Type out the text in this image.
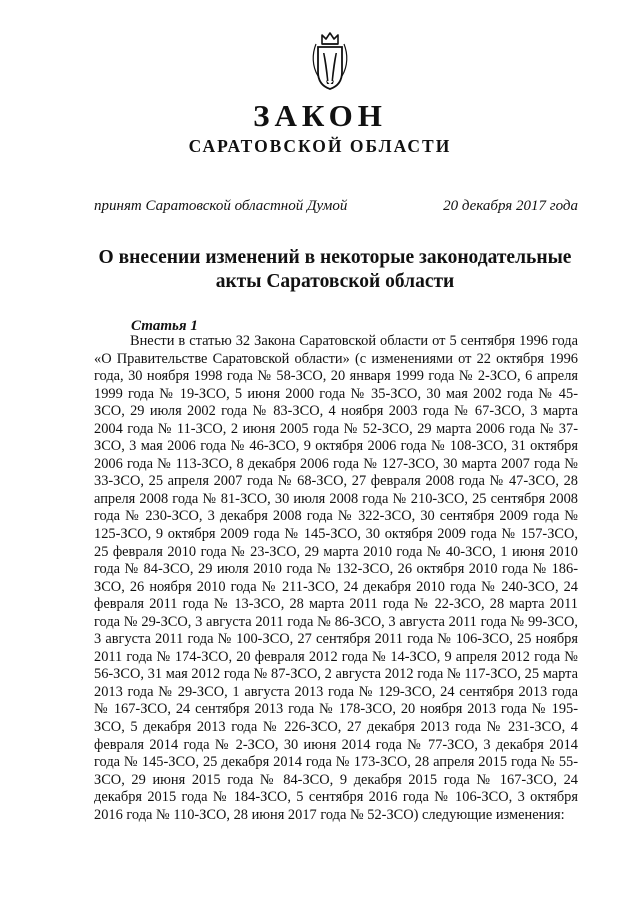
ЗАКОН
САРАТОВСКОЙ ОБЛАСТИ
принят Саратовской областной Думой	20 декабря 2017 года
О внесении изменений в некоторые законодательные
акты Саратовской области
Статья 1

Внести в статью 32 Закона Саратовской области от 5 сентября 1996 года «О Правительстве Саратовской области» (с изменениями от 22 октября 1996 года, 30 ноября 1998 года № 58-ЗСО, 20 января 1999 года № 2-ЗСО, 6 апреля 1999 года № 19-ЗСО, 5 июня 2000 года № 35-ЗСО, 30 мая 2002 года № 45-ЗСО, 29 июля 2002 года № 83-ЗСО, 4 ноября 2003 года № 67-ЗСО, 3 марта 2004 года № 11-ЗСО, 2 июня 2005 года № 52-ЗСО, 29 марта 2006 года № 37-ЗСО, 3 мая 2006 года № 46-ЗСО, 9 октября 2006 года № 108-ЗСО, 31 октября 2006 года № 113-ЗСО, 8 декабря 2006 года № 127-ЗСО, 30 марта 2007 года № 33-ЗСО, 25 апреля 2007 года № 68-ЗСО, 27 февраля 2008 года № 47-ЗСО, 28 апреля 2008 года № 81-ЗСО, 30 июля 2008 года № 210-ЗСО, 25 сентября 2008 года № 230-ЗСО, 3 декабря 2008 года № 322-ЗСО, 30 сентября 2009 года № 125-ЗСО, 9 октября 2009 года № 145-ЗСО, 30 октября 2009 года № 157-ЗСО, 25 февраля 2010 года № 23-ЗСО, 29 марта 2010 года № 40-ЗСО, 1 июня 2010 года № 84-ЗСО, 29 июля 2010 года № 132-ЗСО, 26 октября 2010 года № 186-ЗСО, 26 ноября 2010 года № 211-ЗСО, 24 декабря 2010 года № 240-ЗСО, 24 февраля 2011 года № 13-ЗСО, 28 марта 2011 года № 22-ЗСО, 28 марта 2011 года № 29-ЗСО, 3 августа 2011 года № 86-ЗСО, 3 августа 2011 года № 99-ЗСО, 3 августа 2011 года № 100-ЗСО, 27 сентября 2011 года № 106-ЗСО, 25 ноября 2011 года № 174-ЗСО, 20 февраля 2012 года № 14-ЗСО, 9 апреля 2012 года № 56-ЗСО, 31 мая 2012 года № 87-ЗСО, 2 августа 2012 года № 117-ЗСО, 25 марта 2013 года № 29-ЗСО, 1 августа 2013 года № 129-ЗСО, 24 сентября 2013 года № 167-ЗСО, 24 сентября 2013 года № 178-ЗСО, 20 ноября 2013 года № 195-ЗСО, 5 декабря 2013 года № 226-ЗСО, 27 декабря 2013 года № 231-ЗСО, 4 февраля 2014 года № 2-ЗСО, 30 июня 2014 года № 77-ЗСО, 3 декабря 2014 года № 145-ЗСО, 25 декабря 2014 года № 173-ЗСО, 28 апреля 2015 года № 55-ЗСО, 29 июня 2015 года № 84-ЗСО, 9 декабря 2015 года № 167-ЗСО, 24 декабря 2015 года № 184-ЗСО, 5 сентября 2016 года № 106-ЗСО, 3 октября 2016 года № 110-ЗСО, 28 июня 2017 года № 52-ЗСО) следующие изменения:
